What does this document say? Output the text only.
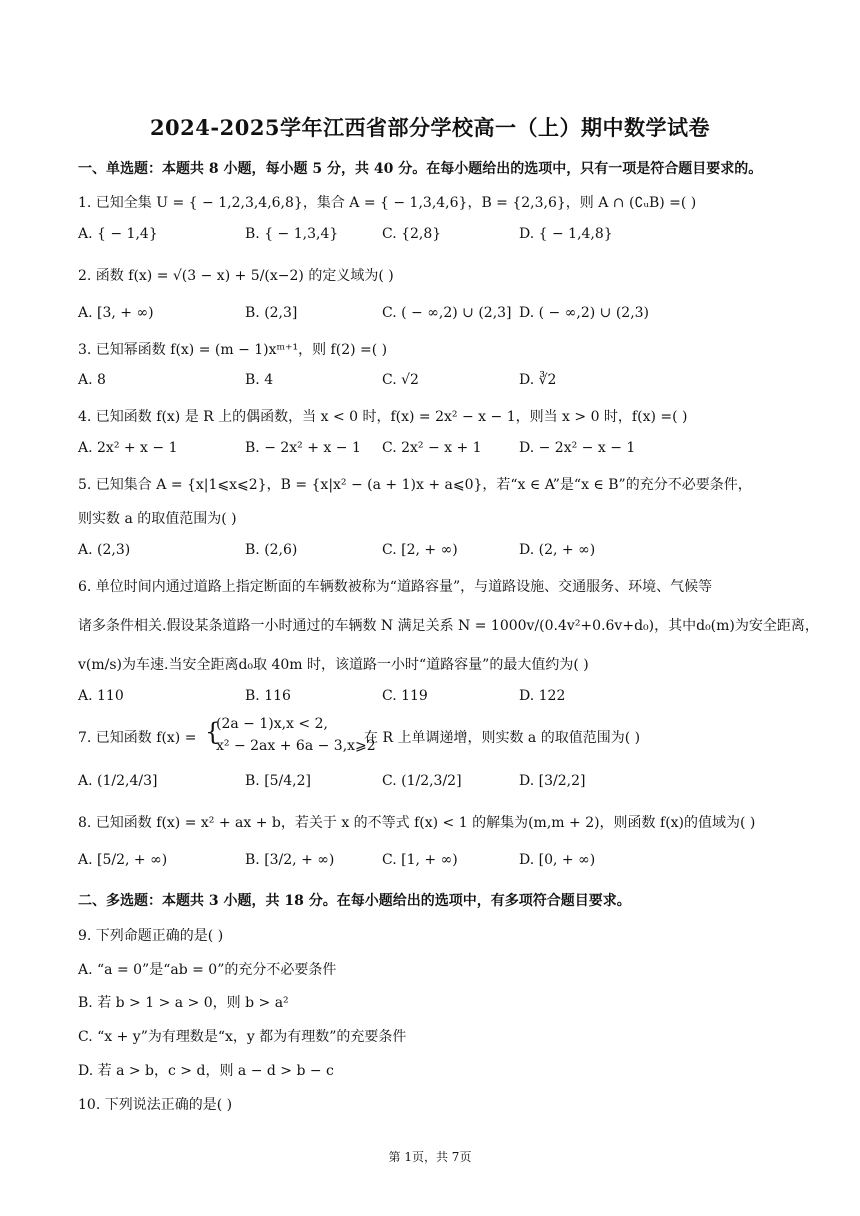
2024-2025学年江西省部分学校高一（上）期中数学试卷
一、单选题：本题共 8 小题，每小题 5 分，共 40 分。在每小题给出的选项中，只有一项是符合题目要求的。
1. 已知全集 U = { − 1,2,3,4,6,8}，集合 A = { − 1,3,4,6}，B = {2,3,6}，则 A ∩ (∁ᵤB) =( )
A. { − 1,4}	B. { − 1,3,4}	C. {2,8}	D. { − 1,4,8}
2. 函数 f(x) = √(3 − x) + 5/(x−2) 的定义域为( )
A. [3, + ∞)	B. (2,3]	C. ( − ∞,2) ∪ (2,3] D. ( − ∞,2) ∪ (2,3)
3. 已知幂函数 f(x) = (m − 1)xᵐ⁺¹，则 f(2) =( )
A. 8	B. 4	C. √2	D. ∛2
4. 已知函数 f(x) 是 R 上的偶函数，当 x < 0 时，f(x) = 2x² − x − 1，则当 x > 0 时，f(x) =( )
A. 2x² + x − 1	B. − 2x² + x − 1 C. 2x² − x + 1	D. − 2x² − x − 1
5. 已知集合 A = {x|1⩽x⩽2}，B = {x|x² − (a + 1)x + a⩽0}，若“x ∈ A”是“x ∈ B”的充分不必要条件，
则实数 a 的取值范围为( )
A. (2,3)	B. (2,6)	C. [2, + ∞)	D. (2, + ∞)
6. 单位时间内通过道路上指定断面的车辆数被称为“道路容量”，与道路设施、交通服务、环境、气候等
诸多条件相关.假设某条道路一小时通过的车辆数 N 满足关系 N = 1000v/(0.4v²+0.6v+d₀)，其中d₀(m)为安全距离，
v(m/s)为车速.当安全距离d₀取 40m 时，该道路一小时“道路容量”的最大值约为( )
A. 110	B. 116	C. 119	D. 122
7. 已知函数 f(x) = {
(2a − 1)x,x < 2,
x² − 2ax + 6a − 3,x⩾2
在 R 上单调递增，则实数 a 的取值范围为( )
A. (1/2,4/3]	B. [5/4,2]	C. (1/2,3/2]	D. [3/2,2]
8. 已知函数 f(x) = x² + ax + b，若关于 x 的不等式 f(x) < 1 的解集为(m,m + 2)，则函数 f(x)的值域为( )
A. [5/2, + ∞)	B. [3/2, + ∞)	C. [1, + ∞)	D. [0, + ∞)
二、多选题：本题共 3 小题，共 18 分。在每小题给出的选项中，有多项符合题目要求。
9. 下列命题正确的是( )
A. “a = 0”是“ab = 0”的充分不必要条件
B. 若 b > 1 > a > 0，则 b > a²
C. “x + y”为有理数是“x，y 都为有理数”的充要条件
D. 若 a > b，c > d，则 a − d > b − c
10. 下列说法正确的是( )
第 1页，共 7页
